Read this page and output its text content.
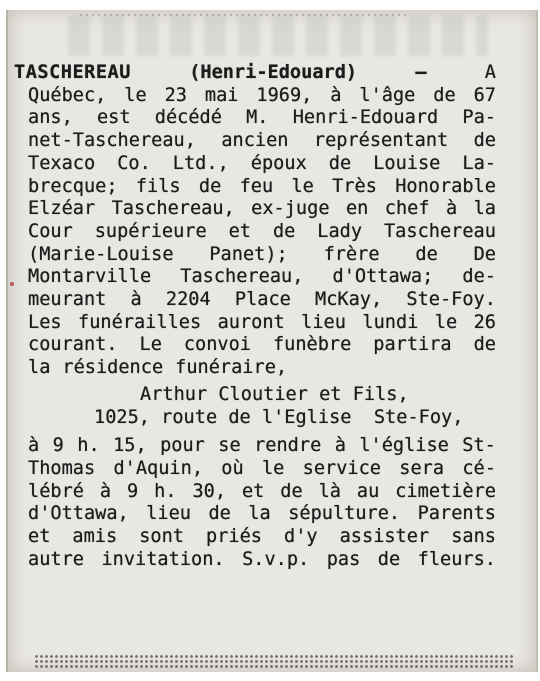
TASCHEREAU	(Henri-Edouard)	—	A
Québec, le 23 mai 1969, à l'âge de 67
ans, est décédé M. Henri-Edouard Pa-
net-Taschereau, ancien représentant de
Texaco Co. Ltd., époux de Louise La-
brecque; fils de feu le Très Honorable
Elzéar Taschereau, ex-juge en chef à la
Cour supérieure et de Lady Taschereau
(Marie-Louise Panet); frère de De
Montarville Taschereau, d'Ottawa; de-
meurant à 2204 Place McKay, Ste-Foy.
Les funérailles auront lieu lundi le 26
courant. Le convoi funèbre partira de
la résidence funéraire,
Arthur Cloutier et Fils,
1025, route de l'Eglise  Ste-Foy,
à 9 h. 15, pour se rendre à l'église St-
Thomas d'Aquin, où le service sera cé-
lébré à 9 h. 30, et de là au cimetière
d'Ottawa, lieu de la sépulture. Parents
et amis sont priés d'y assister sans
autre invitation. S.v.p. pas de fleurs.
